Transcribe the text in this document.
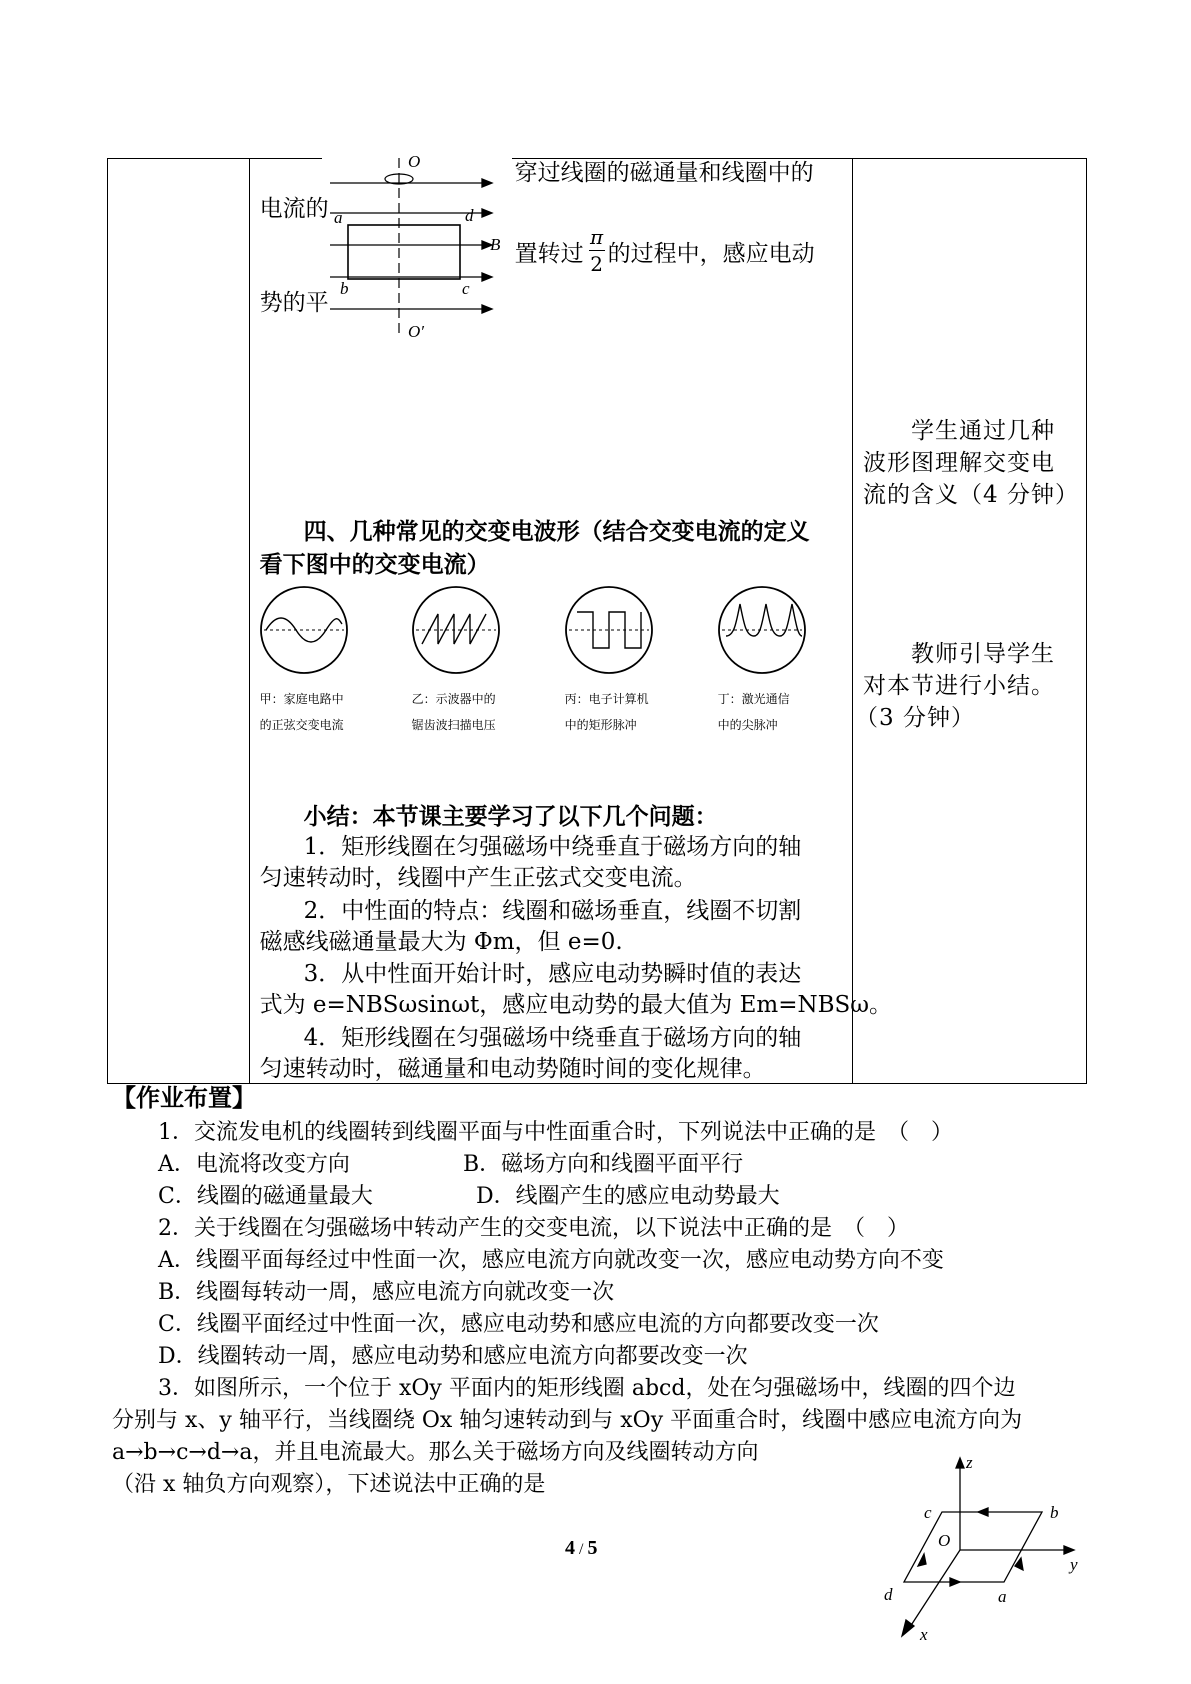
O
O′
a	d
b	c
B
穿过线圈的磁通量和线圈中的
电流的
置转过
π
2 的过程中，感应电动
势的平
四、几种常见的交变电波形（结合交变电流的定义
看下图中的交变电流）
甲：家庭电路中
的正弦交变电流
乙：示波器中的
锯齿波扫描电压
丙：电子计算机
中的矩形脉冲
丁：激光通信
中的尖脉冲
小结：本节课主要学习了以下几个问题：
1．矩形线圈在匀强磁场中绕垂直于磁场方向的轴
匀速转动时，线圈中产生正弦式交变电流。
2．中性面的特点：线圈和磁场垂直，线圈不切割
磁感线磁通量最大为 Φm，但 e=0.
3．从中性面开始计时，感应电动势瞬时值的表达
式为 e=NBSωsinωt，感应电动势的最大值为 Em=NBSω。
4．矩形线圈在匀强磁场中绕垂直于磁场方向的轴
匀速转动时，磁通量和电动势随时间的变化规律。

学生通过几种
波形图理解交变电
流的含义（4 分钟）
教师引导学生
对本节进行小结。
（3 分钟）
【作业布置】
1．交流发电机的线圈转到线圈平面与中性面重合时，下列说法中正确的是　（　）
A．电流将改变方向	B．磁场方向和线圈平面平行
C．线圈的磁通量最大	D．线圈产生的感应电动势最大
2．关于线圈在匀强磁场中转动产生的交变电流，以下说法中正确的是　（　）
A．线圈平面每经过中性面一次，感应电流方向就改变一次，感应电动势方向不变
B．线圈每转动一周，感应电流方向就改变一次
C．线圈平面经过中性面一次，感应电动势和感应电流的方向都要改变一次
D．线圈转动一周，感应电动势和感应电流方向都要改变一次
3．如图所示，一个位于 xOy 平面内的矩形线圈 abcd，处在匀强磁场中，线圈的四个边
分别与 x、y 轴平行，当线圈绕 Ox 轴匀速转动到与 xOy 平面重合时，线圈中感应电流方向为
a→b→c→d→a，并且电流最大。那么关于磁场方向及线圈转动方向
（沿 x 轴负方向观察），下述说法中正确的是
z
y
x
O
c	b
d	a
4 / 5
